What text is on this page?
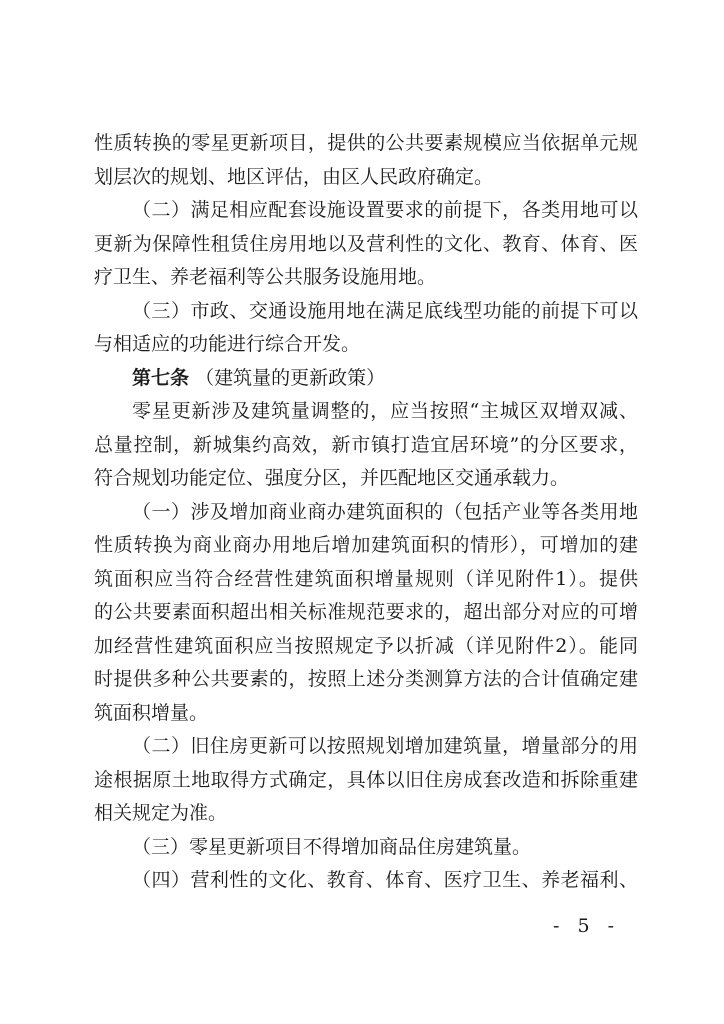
性质转换的零星更新项目，提供的公共要素规模应当依据单元规
划层次的规划、地区评估，由区人民政府确定。
（二）满足相应配套设施设置要求的前提下，各类用地可以
更新为保障性租赁住房用地以及营利性的文化、教育、体育、医
疗卫生、养老福利等公共服务设施用地。
（三）市政、交通设施用地在满足底线型功能的前提下可以
与相适应的功能进行综合开发。
第七条 （建筑量的更新政策）
零星更新涉及建筑量调整的，应当按照“主城区双增双减、
总量控制，新城集约高效，新市镇打造宜居环境”的分区要求，
符合规划功能定位、强度分区，并匹配地区交通承载力。
（一）涉及增加商业商办建筑面积的（包括产业等各类用地
性质转换为商业商办用地后增加建筑面积的情形），可增加的建
筑面积应当符合经营性建筑面积增量规则（详见附件1）。提供
的公共要素面积超出相关标准规范要求的，超出部分对应的可增
加经营性建筑面积应当按照规定予以折减（详见附件2）。能同
时提供多种公共要素的，按照上述分类测算方法的合计值确定建
筑面积增量。
（二）旧住房更新可以按照规划增加建筑量，增量部分的用
途根据原土地取得方式确定，具体以旧住房成套改造和拆除重建
相关规定为准。
（三）零星更新项目不得增加商品住房建筑量。
（四）营利性的文化、教育、体育、医疗卫生、养老福利、
- 5 -
